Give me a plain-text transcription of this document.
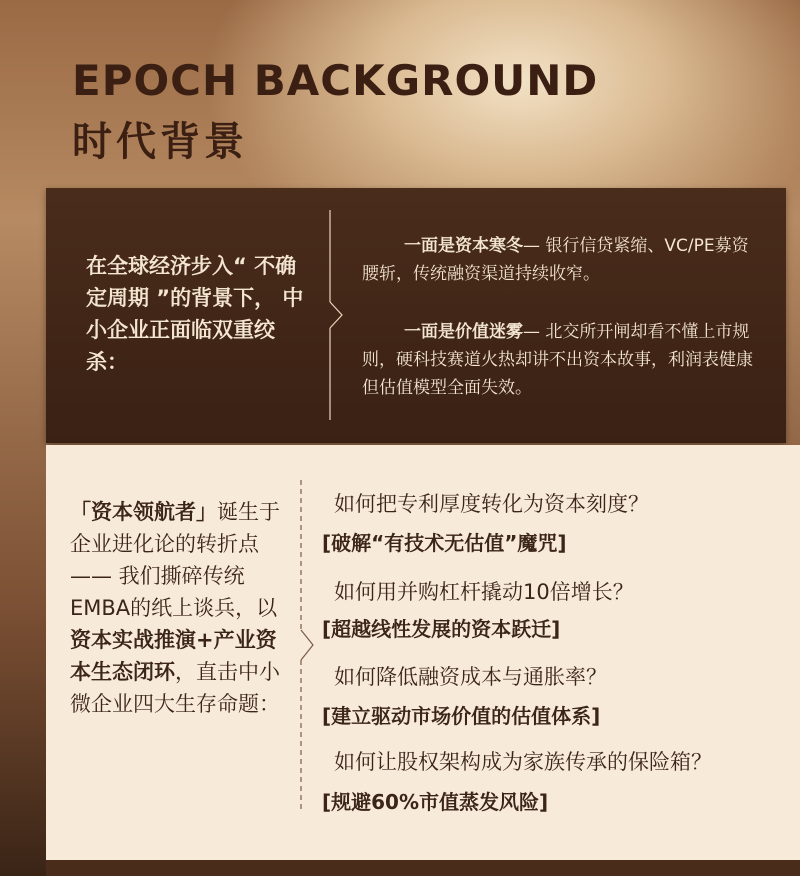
EPOCH BACKGROUND
时代背景
在全球经济步入“ 不确定周期 ”的背景下， 中小企业正面临双重绞杀：
一面是资本寒冬— 银行信贷紧缩、VC/PE募资腰斩，传统融资渠道持续收窄。
一面是价值迷雾— 北交所开闸却看不懂上市规则，硬科技赛道火热却讲不出资本故事，利润表健康但估值模型全面失效。
「资本领航者」诞生于企业进化论的转折点 —— 我们撕碎传统EMBA的纸上谈兵，以资本实战推演+产业资本生态闭环，直击中小微企业四大生存命题：
如何把专利厚度转化为资本刻度？
[破解“有技术无估值”魔咒]
如何用并购杠杆撬动10倍增长？
[超越线性发展的资本跃迁]
如何降低融资成本与通胀率？
[建立驱动市场价值的估值体系]
如何让股权架构成为家族传承的保险箱？
[规避60%市值蒸发风险]
